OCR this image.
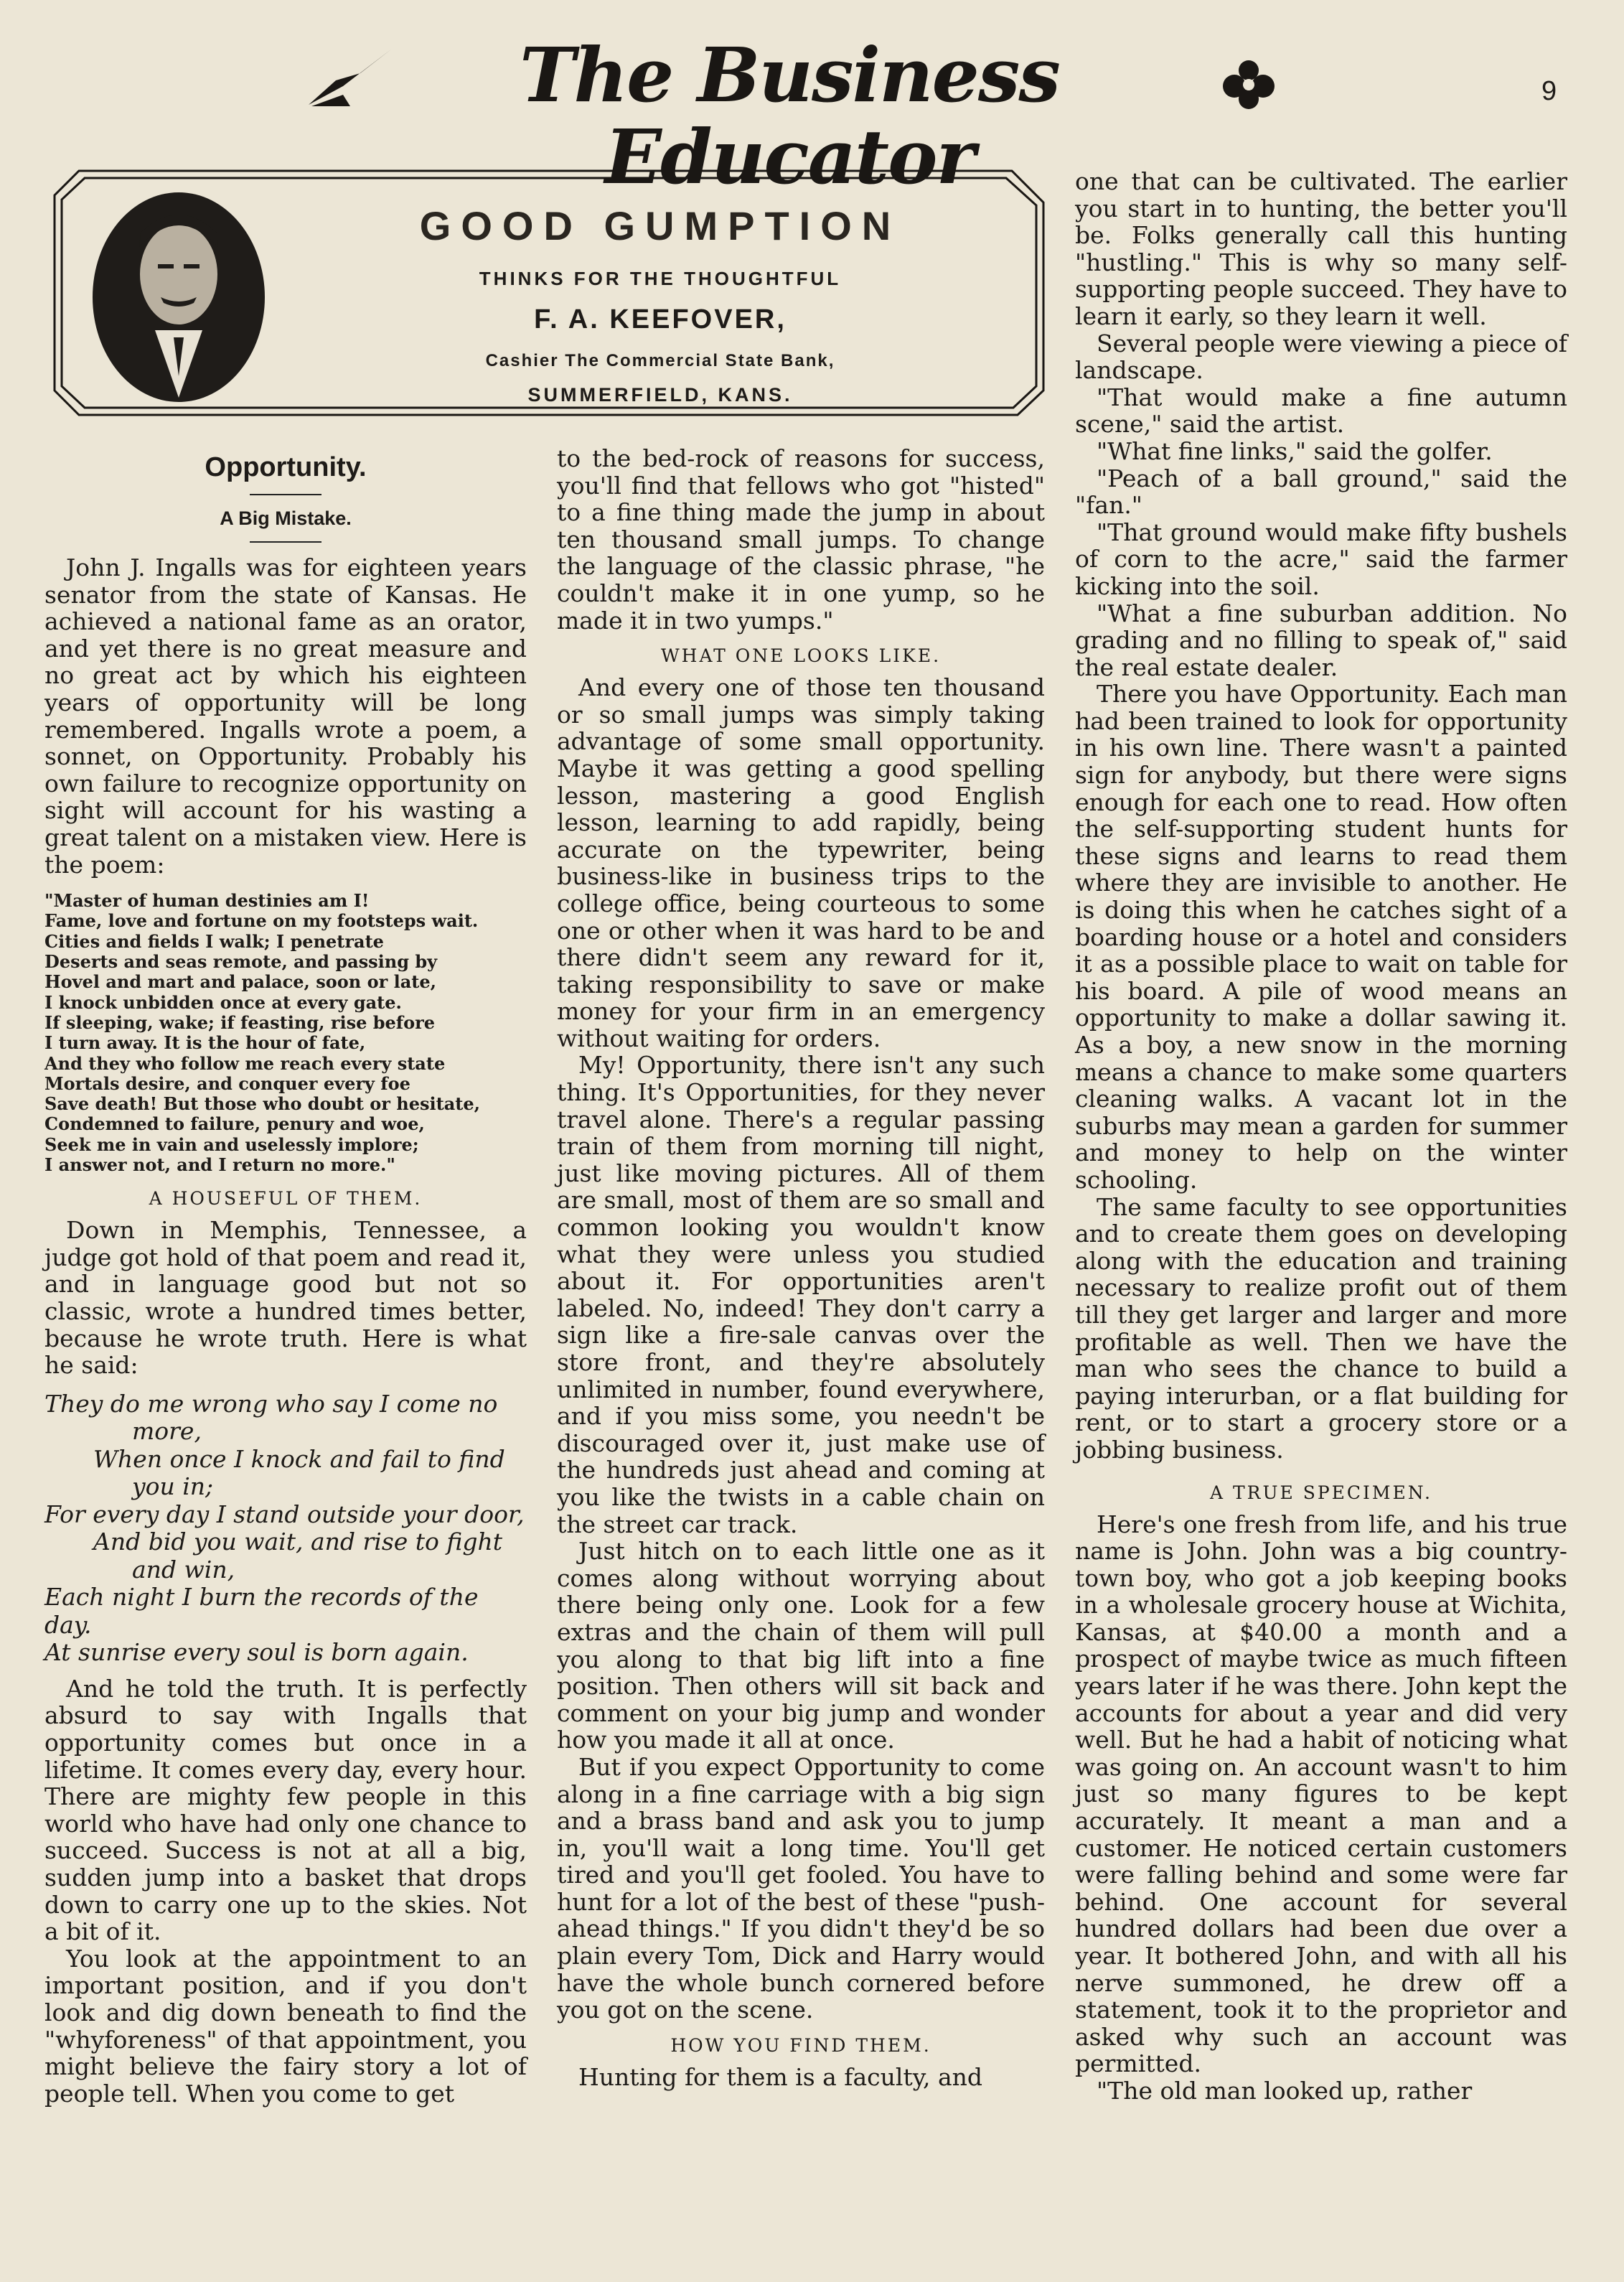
The Business Educator
9
GOOD GUMPTION
THINKS FOR THE THOUGHTFUL
F. A. KEEFOVER,
Cashier The Commercial State Bank,
SUMMERFIELD, KANS.
Opportunity.
A Big Mistake.

John J. Ingalls was for eighteen years senator from the state of Kansas. He achieved a national fame as an orator, and yet there is no great measure and no great act by which his eighteen years of opportunity will be long remembered. Ingalls wrote a poem, a sonnet, on Opportunity. Probably his own failure to recognize opportunity on sight will account for his wasting a great talent on a mistaken view. Here is the poem:

"Master of human destinies am I!
Fame, love and fortune on my footsteps wait.
Cities and fields I walk; I penetrate
Deserts and seas remote, and passing by
Hovel and mart and palace, soon or late,
I knock unbidden once at every gate.
If sleeping, wake; if feasting, rise before
I turn away. It is the hour of fate,
And they who follow me reach every state
Mortals desire, and conquer every foe
Save death! But those who doubt or hesitate,
Condemned to failure, penury and woe,
Seek me in vain and uselessly implore;
I answer not, and I return no more."
A HOUSEFUL OF THEM.

Down in Memphis, Tennessee, a judge got hold of that poem and read it, and in language good but not so classic, wrote a hundred times better, because he wrote truth. Here is what he said:

They do me wrong who say I come no
more,
When once I knock and fail to find
you in;
For every day I stand outside your door,
And bid you wait, and rise to fight
and win,
Each night I burn the records of the day.
At sunrise every soul is born again.

And he told the truth. It is perfectly absurd to say with Ingalls that opportunity comes but once in a lifetime. It comes every day, every hour. There are mighty few people in this world who have had only one chance to succeed. Success is not at all a big, sudden jump into a basket that drops down to carry one up to the skies. Not a bit of it.

You look at the appointment to an important position, and if you don't look and dig down beneath to find the "whyforeness" of that appointment, you might believe the fairy story a lot of people tell. When you come to get

to the bed-rock of reasons for success, you'll find that fellows who got "histed" to a fine thing made the jump in about ten thousand small jumps. To change the language of the classic phrase, "he couldn't make it in one yump, so he made it in two yumps."

WHAT ONE LOOKS LIKE.

And every one of those ten thousand or so small jumps was simply taking advantage of some small opportunity. Maybe it was getting a good spelling lesson, mastering a good English lesson, learning to add rapidly, being accurate on the typewriter, being business-like in business trips to the college office, being courteous to some one or other when it was hard to be and there didn't seem any reward for it, taking responsibility to save or make money for your firm in an emergency without waiting for orders.

My! Opportunity, there isn't any such thing. It's Opportunities, for they never travel alone. There's a regular passing train of them from morning till night, just like moving pictures. All of them are small, most of them are so small and common looking you wouldn't know what they were unless you studied about it. For opportunities aren't labeled. No, indeed! They don't carry a sign like a fire-sale canvas over the store front, and they're absolutely unlimited in number, found everywhere, and if you miss some, you needn't be discouraged over it, just make use of the hundreds just ahead and coming at you like the twists in a cable chain on the street car track.

Just hitch on to each little one as it comes along without worrying about there being only one. Look for a few extras and the chain of them will pull you along to that big lift into a fine position. Then others will sit back and comment on your big jump and wonder how you made it all at once.

But if you expect Opportunity to come along in a fine carriage with a big sign and a brass band and ask you to jump in, you'll wait a long time. You'll get tired and you'll get fooled. You have to hunt for a lot of the best of these "push-ahead things." If you didn't they'd be so plain every Tom, Dick and Harry would have the whole bunch cornered before you got on the scene.

HOW YOU FIND THEM.

Hunting for them is a faculty, and

one that can be cultivated. The earlier you start in to hunting, the better you'll be. Folks generally call this hunting "hustling." This is why so many self-supporting people succeed. They have to learn it early, so they learn it well.

Several people were viewing a piece of landscape.

"That would make a fine autumn scene," said the artist.

"What fine links," said the golfer.

"Peach of a ball ground," said the "fan."

"That ground would make fifty bushels of corn to the acre," said the farmer kicking into the soil.

"What a fine suburban addition. No grading and no filling to speak of," said the real estate dealer.

There you have Opportunity. Each man had been trained to look for opportunity in his own line. There wasn't a painted sign for anybody, but there were signs enough for each one to read. How often the self-supporting student hunts for these signs and learns to read them where they are invisible to another. He is doing this when he catches sight of a boarding house or a hotel and considers it as a possible place to wait on table for his board. A pile of wood means an opportunity to make a dollar sawing it. As a boy, a new snow in the morning means a chance to make some quarters cleaning walks. A vacant lot in the suburbs may mean a garden for summer and money to help on the winter schooling.

The same faculty to see opportunities and to create them goes on developing along with the education and training necessary to realize profit out of them till they get larger and larger and more profitable as well. Then we have the man who sees the chance to build a paying interurban, or a flat building for rent, or to start a grocery store or a jobbing business.

A TRUE SPECIMEN.

Here's one fresh from life, and his true name is John. John was a big country-town boy, who got a job keeping books in a wholesale grocery house at Wichita, Kansas, at $40.00 a month and a prospect of maybe twice as much fifteen years later if he was there. John kept the accounts for about a year and did very well. But he had a habit of noticing what was going on. An account wasn't to him just so many figures to be kept accurately. It meant a man and a customer. He noticed certain customers were falling behind and some were far behind. One account for several hundred dollars had been due over a year. It bothered John, and with all his nerve summoned, he drew off a statement, took it to the proprietor and asked why such an account was permitted.

"The old man looked up, rather
